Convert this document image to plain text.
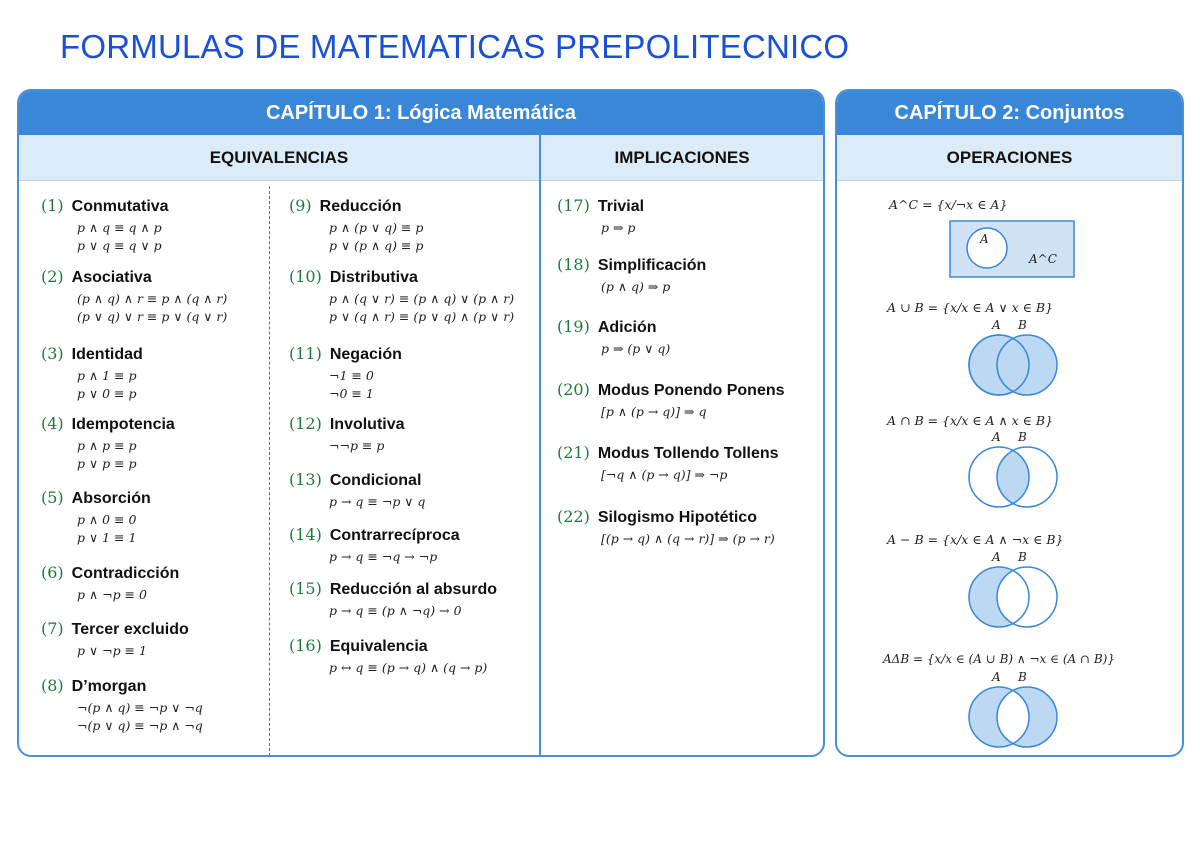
FORMULAS DE MATEMATICAS PREPOLITECNICO
CAPÍTULO 1: Lógica Matemática
EQUIVALENCIAS	IMPLICACIONES
(1) Conmutativa
p ∧ q ≡ q ∧ p
p ∨ q ≡ q ∨ p
(2) Asociativa
(p ∧ q) ∧ r ≡ p ∧ (q ∧ r)
(p ∨ q) ∨ r ≡ p ∨ (q ∨ r)
(3) Identidad
p ∧ 1 ≡ p
p ∨ 0 ≡ p
(4) Idempotencia
p ∧ p ≡ p
p ∨ p ≡ p
(5) Absorción
p ∧ 0 ≡ 0
p ∨ 1 ≡ 1
(6) Contradicción
p ∧ ¬p ≡ 0
(7) Tercer excluido
p ∨ ¬p ≡ 1
(8) D’morgan
¬(p ∧ q) ≡ ¬p ∨ ¬q
¬(p ∨ q) ≡ ¬p ∧ ¬q
(9) Reducción
p ∧ (p ∨ q) ≡ p
p ∨ (p ∧ q) ≡ p
(10) Distributiva
p ∧ (q ∨ r) ≡ (p ∧ q) ∨ (p ∧ r)
p ∨ (q ∧ r) ≡ (p ∨ q) ∧ (p ∨ r)
(11) Negación
¬1 ≡ 0
¬0 ≡ 1
(12) Involutiva
¬¬p ≡ p
(13) Condicional
p → q ≡ ¬p ∨ q
(14) Contrarrecíproca
p → q ≡ ¬q → ¬p
(15) Reducción al absurdo
p → q ≡ (p ∧ ¬q) → 0
(16) Equivalencia
p ↔ q ≡ (p → q) ∧ (q → p)
(17) Trivial
p ⇒ p
(18) Simplificación
(p ∧ q) ⇒ p
(19) Adición
p ⇒ (p ∨ q)
(20) Modus Ponendo Ponens
[p ∧ (p → q)] ⇒ q
(21) Modus Tollendo Tollens
[¬q ∧ (p → q)] ⇒ ¬p
(22) Silogismo Hipotético
[(p → q) ∧ (q → r)] ⇒ (p → r)
CAPÍTULO 2: Conjuntos
OPERACIONES
A^C = {x/¬x ∈ A}
A
A^C
A ∪ B = {x/x ∈ A ∨ x ∈ B}
A B
A ∩ B = {x/x ∈ A ∧ x ∈ B}
A B
A − B = {x/x ∈ A ∧ ¬x ∈ B}
A B
AΔB = {x/x ∈ (A ∪ B) ∧ ¬x ∈ (A ∩ B)}
A B
